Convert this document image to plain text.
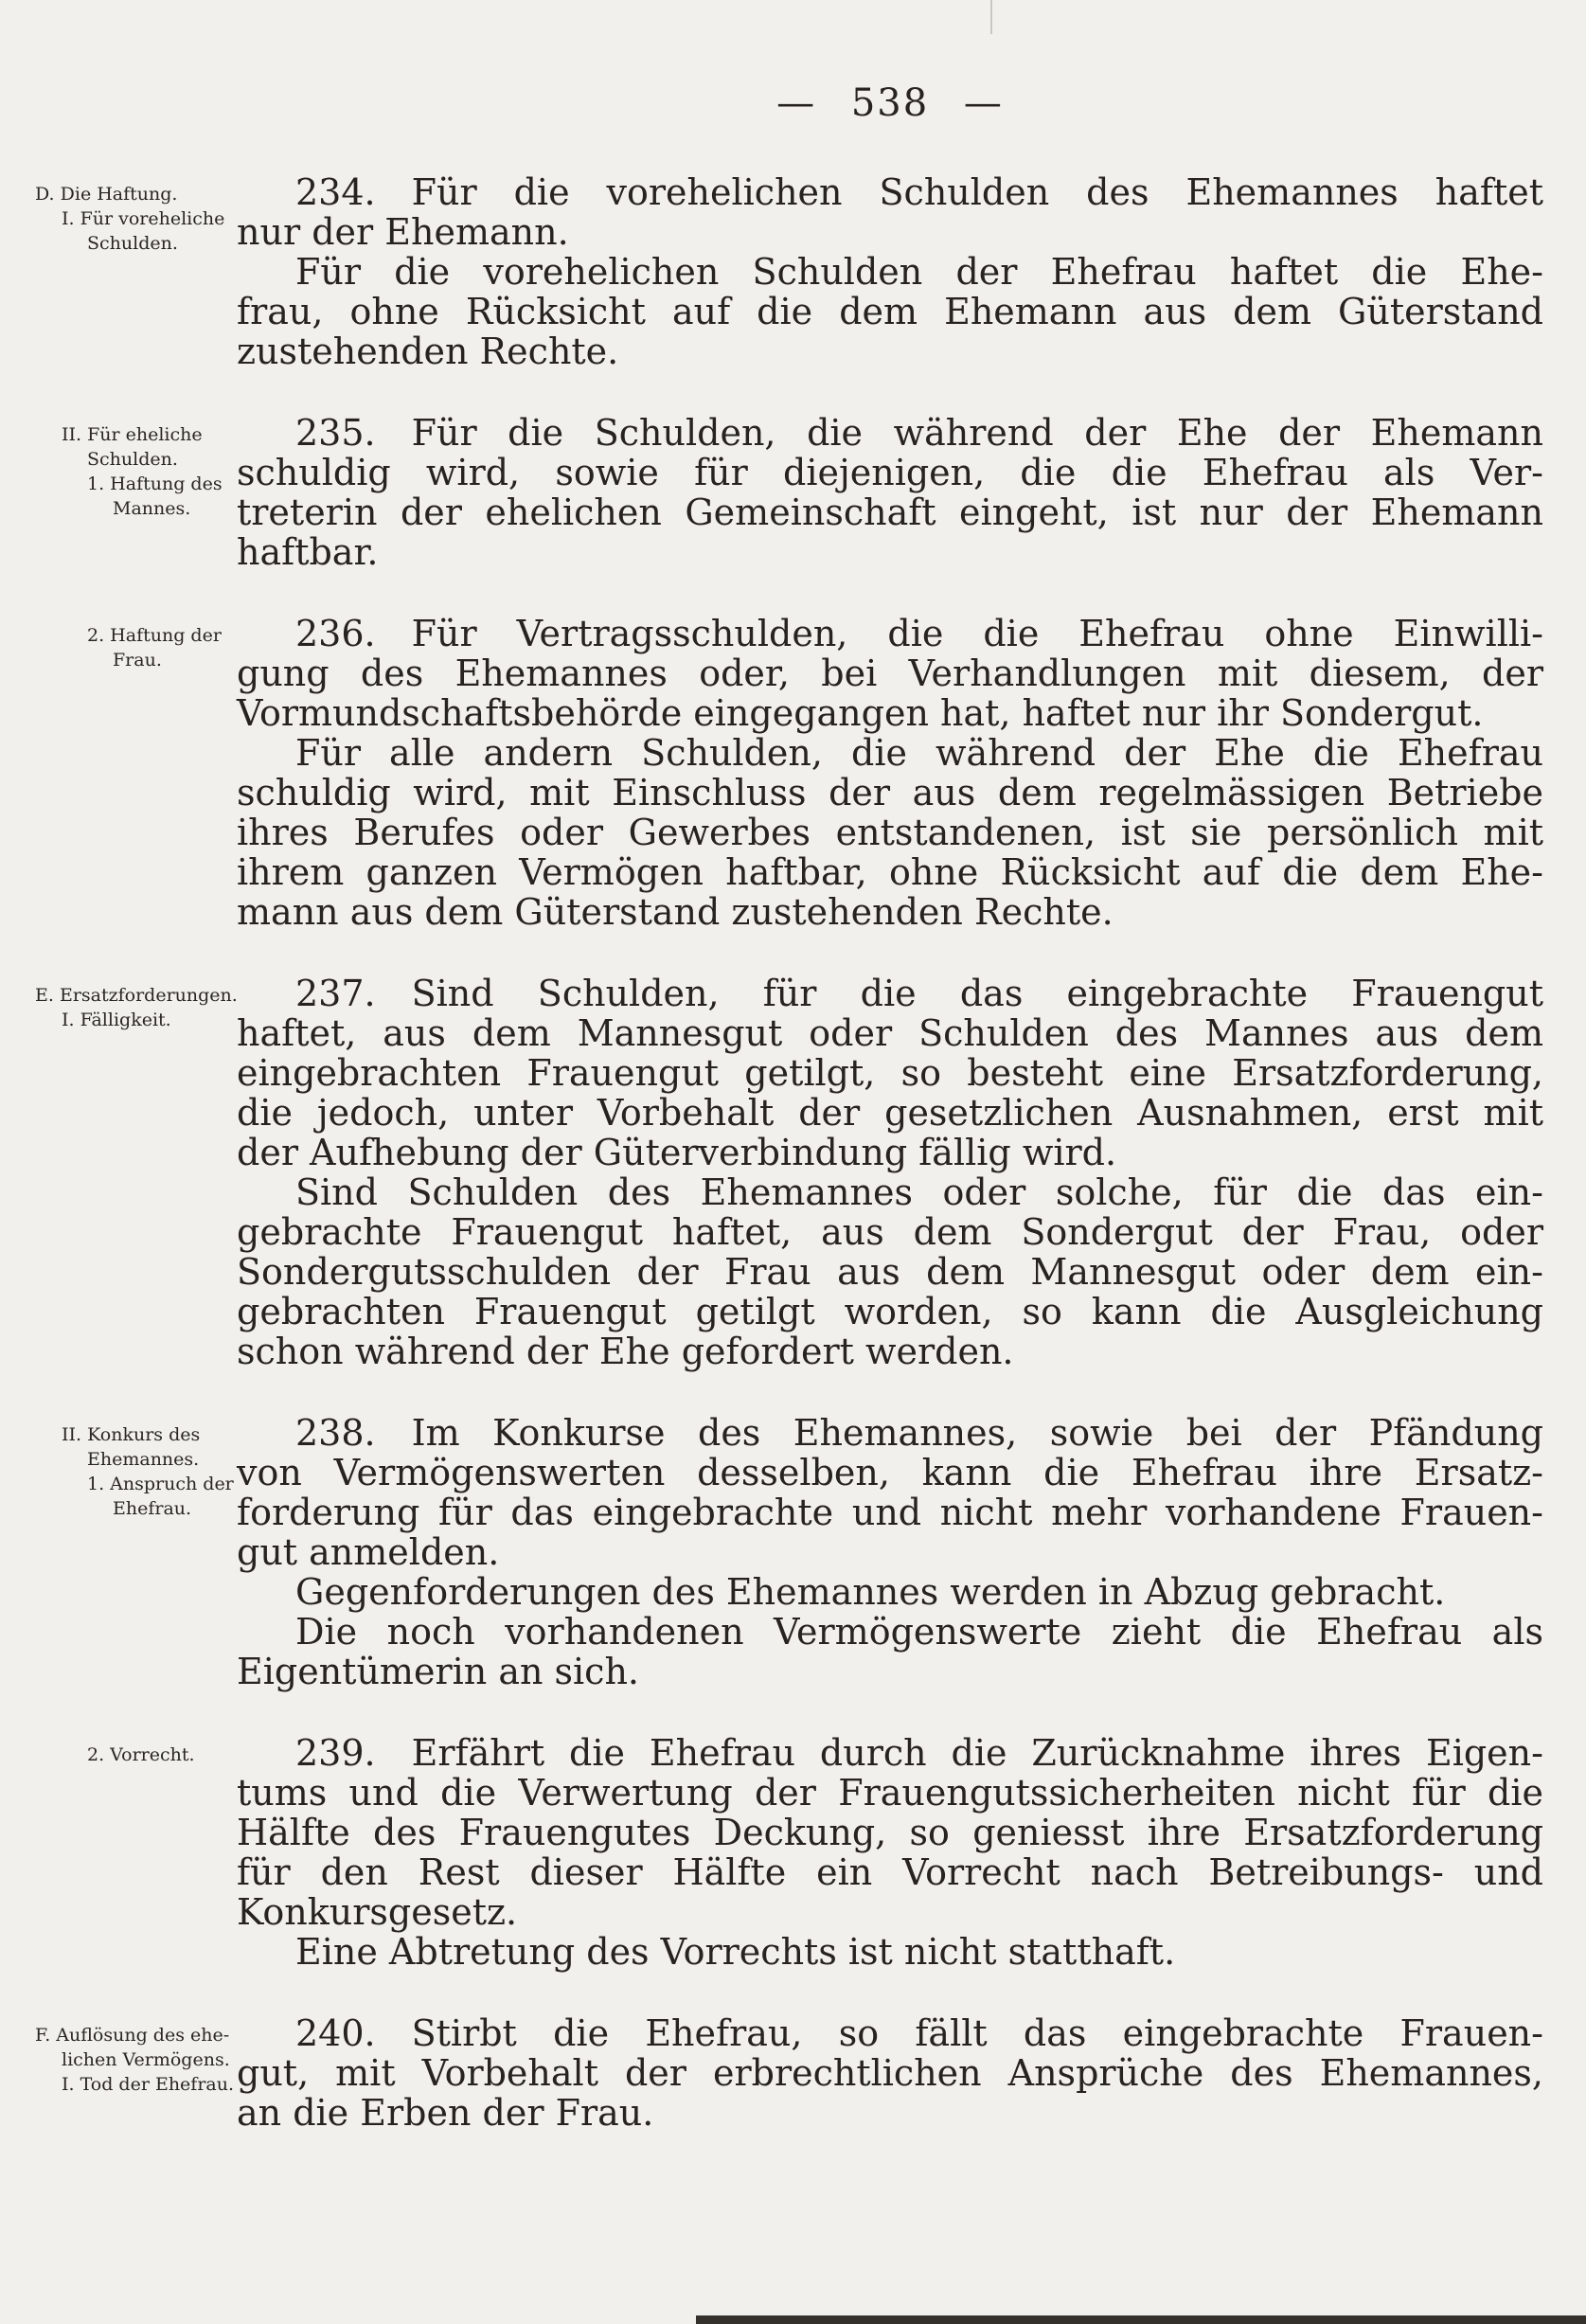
— 538 —
D. Die Haftung.
I. Für voreheliche
Schulden.
234. Für die vorehelichen Schulden des Ehemannes haftet
nur der Ehemann.
Für die vorehelichen Schulden der Ehefrau haftet die Ehe-
frau, ohne Rücksicht auf die dem Ehemann aus dem Güterstand
zustehenden Rechte.
II. Für eheliche
Schulden.
1. Haftung des
Mannes.
235. Für die Schulden, die während der Ehe der Ehemann
schuldig wird, sowie für diejenigen, die die Ehefrau als Ver-
treterin der ehelichen Gemeinschaft eingeht, ist nur der Ehemann
haftbar.
2. Haftung der
Frau.
236. Für Vertragsschulden, die die Ehefrau ohne Einwilli-
gung des Ehemannes oder, bei Verhandlungen mit diesem, der
Vormundschaftsbehörde eingegangen hat, haftet nur ihr Sondergut.
Für alle andern Schulden, die während der Ehe die Ehefrau
schuldig wird, mit Einschluss der aus dem regelmässigen Betriebe
ihres Berufes oder Gewerbes entstandenen, ist sie persönlich mit
ihrem ganzen Vermögen haftbar, ohne Rücksicht auf die dem Ehe-
mann aus dem Güterstand zustehenden Rechte.
E. Ersatzforderungen.
I. Fälligkeit.
237. Sind Schulden, für die das eingebrachte Frauengut
haftet, aus dem Mannesgut oder Schulden des Mannes aus dem
eingebrachten Frauengut getilgt, so besteht eine Ersatzforderung,
die jedoch, unter Vorbehalt der gesetzlichen Ausnahmen, erst mit
der Aufhebung der Güterverbindung fällig wird.
Sind Schulden des Ehemannes oder solche, für die das ein-
gebrachte Frauengut haftet, aus dem Sondergut der Frau, oder
Sondergutsschulden der Frau aus dem Mannesgut oder dem ein-
gebrachten Frauengut getilgt worden, so kann die Ausgleichung
schon während der Ehe gefordert werden.
II. Konkurs des
Ehemannes.
1. Anspruch der
Ehefrau.
238. Im Konkurse des Ehemannes, sowie bei der Pfändung
von Vermögenswerten desselben, kann die Ehefrau ihre Ersatz-
forderung für das eingebrachte und nicht mehr vorhandene Frauen-
gut anmelden.
Gegenforderungen des Ehemannes werden in Abzug gebracht.
Die noch vorhandenen Vermögenswerte zieht die Ehefrau als
Eigentümerin an sich.
2. Vorrecht.	239. Erfährt die Ehefrau durch die Zurücknahme ihres Eigen-
tums und die Verwertung der Frauengutssicherheiten nicht für die
Hälfte des Frauengutes Deckung, so geniesst ihre Ersatzforderung
für den Rest dieser Hälfte ein Vorrecht nach Betreibungs- und
Konkursgesetz.
Eine Abtretung des Vorrechts ist nicht statthaft.
F. Auflösung des ehe-
lichen Vermögens.
I. Tod der Ehefrau.
240. Stirbt die Ehefrau, so fällt das eingebrachte Frauen-
gut, mit Vorbehalt der erbrechtlichen Ansprüche des Ehemannes,
an die Erben der Frau.
